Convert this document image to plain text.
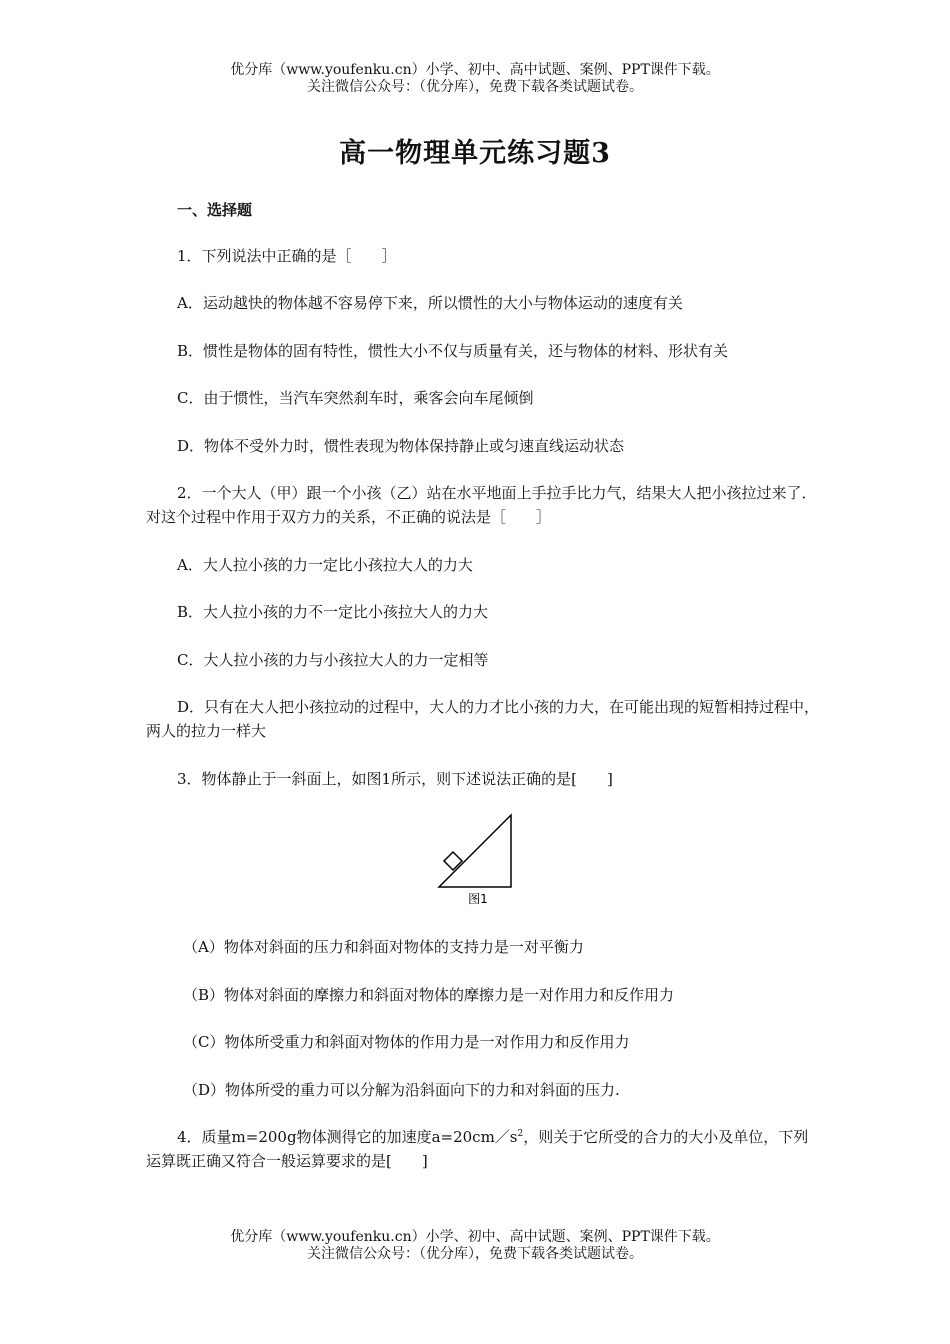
优分库（www.youfenku.cn）小学、初中、高中试题、案例、PPT课件下载。
关注微信公众号：（优分库），免费下载各类试题试卷。
高一物理单元练习题3
一、选择题
1．下列说法中正确的是［　　］
A．运动越快的物体越不容易停下来，所以惯性的大小与物体运动的速度有关
B．惯性是物体的固有特性，惯性大小不仅与质量有关，还与物体的材料、形状有关
C．由于惯性，当汽车突然刹车时，乘客会向车尾倾倒
D．物体不受外力时，惯性表现为物体保持静止或匀速直线运动状态
2．一个大人（甲）跟一个小孩（乙）站在水平地面上手拉手比力气，结果大人把小孩拉过来了．对这个过程中作用于双方力的关系，不正确的说法是［　　］
A．大人拉小孩的力一定比小孩拉大人的力大
B．大人拉小孩的力不一定比小孩拉大人的力大
C．大人拉小孩的力与小孩拉大人的力一定相等
D．只有在大人把小孩拉动的过程中，大人的力才比小孩的力大，在可能出现的短暂相持过程中，两人的拉力一样大
3．物体静止于一斜面上，如图1所示，则下述说法正确的是[　　]
图1
（A）物体对斜面的压力和斜面对物体的支持力是一对平衡力
（B）物体对斜面的摩擦力和斜面对物体的摩擦力是一对作用力和反作用力
（C）物体所受重力和斜面对物体的作用力是一对作用力和反作用力
（D）物体所受的重力可以分解为沿斜面向下的力和对斜面的压力.
4．质量m=200g物体测得它的加速度$a=20cm/s^2$，则关于它所受的合力的大小及单位，下列运算既正确又符合一般运算要求的是[　　]
优分库（www.youfenku.cn）小学、初中、高中试题、案例、PPT课件下载。
关注微信公众号：（优分库），免费下载各类试题试卷。
